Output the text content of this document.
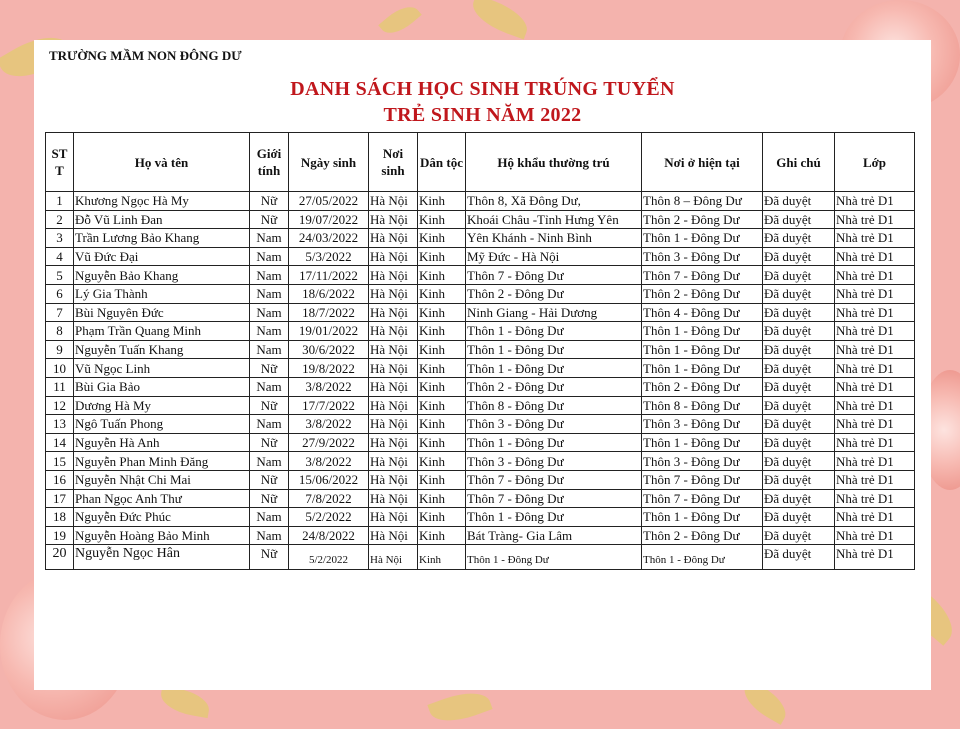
TRƯỜNG MẦM NON ĐÔNG DƯ
DANH SÁCH HỌC SINH TRÚNG TUYỂN
TRẺ SINH NĂM 2022
ST T	Họ và tên	Giới tính	Ngày sinh	Nơi sinh	Dân tộc	Hộ khẩu thường trú	Nơi ở hiện tại	Ghi chú	Lớp
1	Khương Ngọc Hà My	Nữ	27/05/2022	Hà Nội	Kinh	Thôn 8, Xã Đông Dư,	Thôn 8 – Đông Dư	Đã duyệt	Nhà trẻ D1
2	Đỗ Vũ Linh Đan	Nữ	19/07/2022	Hà Nội	Kinh	Khoái Châu -Tỉnh Hưng Yên	Thôn 2 - Đông Dư	Đã duyệt	Nhà trẻ D1
3	Trần Lương Bảo Khang	Nam	24/03/2022	Hà Nội	Kinh	Yên Khánh - Ninh Bình	Thôn 1 - Đông Dư	Đã duyệt	Nhà trẻ D1
4	Vũ Đức Đại	Nam	5/3/2022	Hà Nội	Kinh	Mỹ Đức - Hà Nội	Thôn 3 - Đông Dư	Đã duyệt	Nhà trẻ D1
5	Nguyễn Bảo Khang	Nam	17/11/2022	Hà Nội	Kinh	Thôn 7 - Đông Dư	Thôn 7 - Đông Dư	Đã duyệt	Nhà trẻ D1
6	Lý Gia Thành	Nam	18/6/2022	Hà Nội	Kinh	Thôn 2 - Đông Dư	Thôn 2 - Đông Dư	Đã duyệt	Nhà trẻ D1
7	Bùi Nguyên Đức	Nam	18/7/2022	Hà Nội	Kinh	Ninh Giang - Hải Dương	Thôn 4 - Đông Dư	Đã duyệt	Nhà trẻ D1
8	Phạm Trần Quang Minh	Nam	19/01/2022	Hà Nội	Kinh	Thôn 1 - Đông Dư	Thôn 1 - Đông Dư	Đã duyệt	Nhà trẻ D1
9	Nguyễn Tuấn Khang	Nam	30/6/2022	Hà Nội	Kinh	Thôn 1 - Đông Dư	Thôn 1 - Đông Dư	Đã duyệt	Nhà trẻ D1
10	Vũ Ngọc Linh	Nữ	19/8/2022	Hà Nội	Kinh	Thôn 1 - Đông Dư	Thôn 1 - Đông Dư	Đã duyệt	Nhà trẻ D1
11	Bùi Gia Bảo	Nam	3/8/2022	Hà Nội	Kinh	Thôn 2 - Đông Dư	Thôn 2 - Đông Dư	Đã duyệt	Nhà trẻ D1
12	Dương Hà My	Nữ	17/7/2022	Hà Nội	Kinh	Thôn 8 - Đông Dư	Thôn 8 - Đông Dư	Đã duyệt	Nhà trẻ D1
13	Ngô Tuấn Phong	Nam	3/8/2022	Hà Nội	Kinh	Thôn 3 - Đông Dư	Thôn 3 - Đông Dư	Đã duyệt	Nhà trẻ D1
14	Nguyễn Hà Anh	Nữ	27/9/2022	Hà Nội	Kinh	Thôn 1 - Đông Dư	Thôn 1 - Đông Dư	Đã duyệt	Nhà trẻ D1
15	Nguyễn Phan Minh Đăng	Nam	3/8/2022	Hà Nội	Kinh	Thôn 3 - Đông Dư	Thôn 3 - Đông Dư	Đã duyệt	Nhà trẻ D1
16	Nguyễn Nhật Chi Mai	Nữ	15/06/2022	Hà Nội	Kinh	Thôn 7 - Đông Dư	Thôn 7 - Đông Dư	Đã duyệt	Nhà trẻ D1
17	Phan Ngọc Anh Thư	Nữ	7/8/2022	Hà Nội	Kinh	Thôn 7 - Đông Dư	Thôn 7 - Đông Dư	Đã duyệt	Nhà trẻ D1
18	Nguyễn Đức Phúc	Nam	5/2/2022	Hà Nội	Kinh	Thôn 1 - Đông Dư	Thôn 1 - Đông Dư	Đã duyệt	Nhà trẻ D1
19	Nguyễn Hoàng Bảo Minh	Nam	24/8/2022	Hà Nội	Kinh	Bát Tràng- Gia Lâm	Thôn 2 - Đông Dư	Đã duyệt	Nhà trẻ D1
20	Nguyễn Ngọc Hân	Nữ	5/2/2022	Hà Nội	Kinh	Thôn 1 - Đông Dư	Thôn 1 - Đông Dư	Đã duyệt	Nhà trẻ D1
